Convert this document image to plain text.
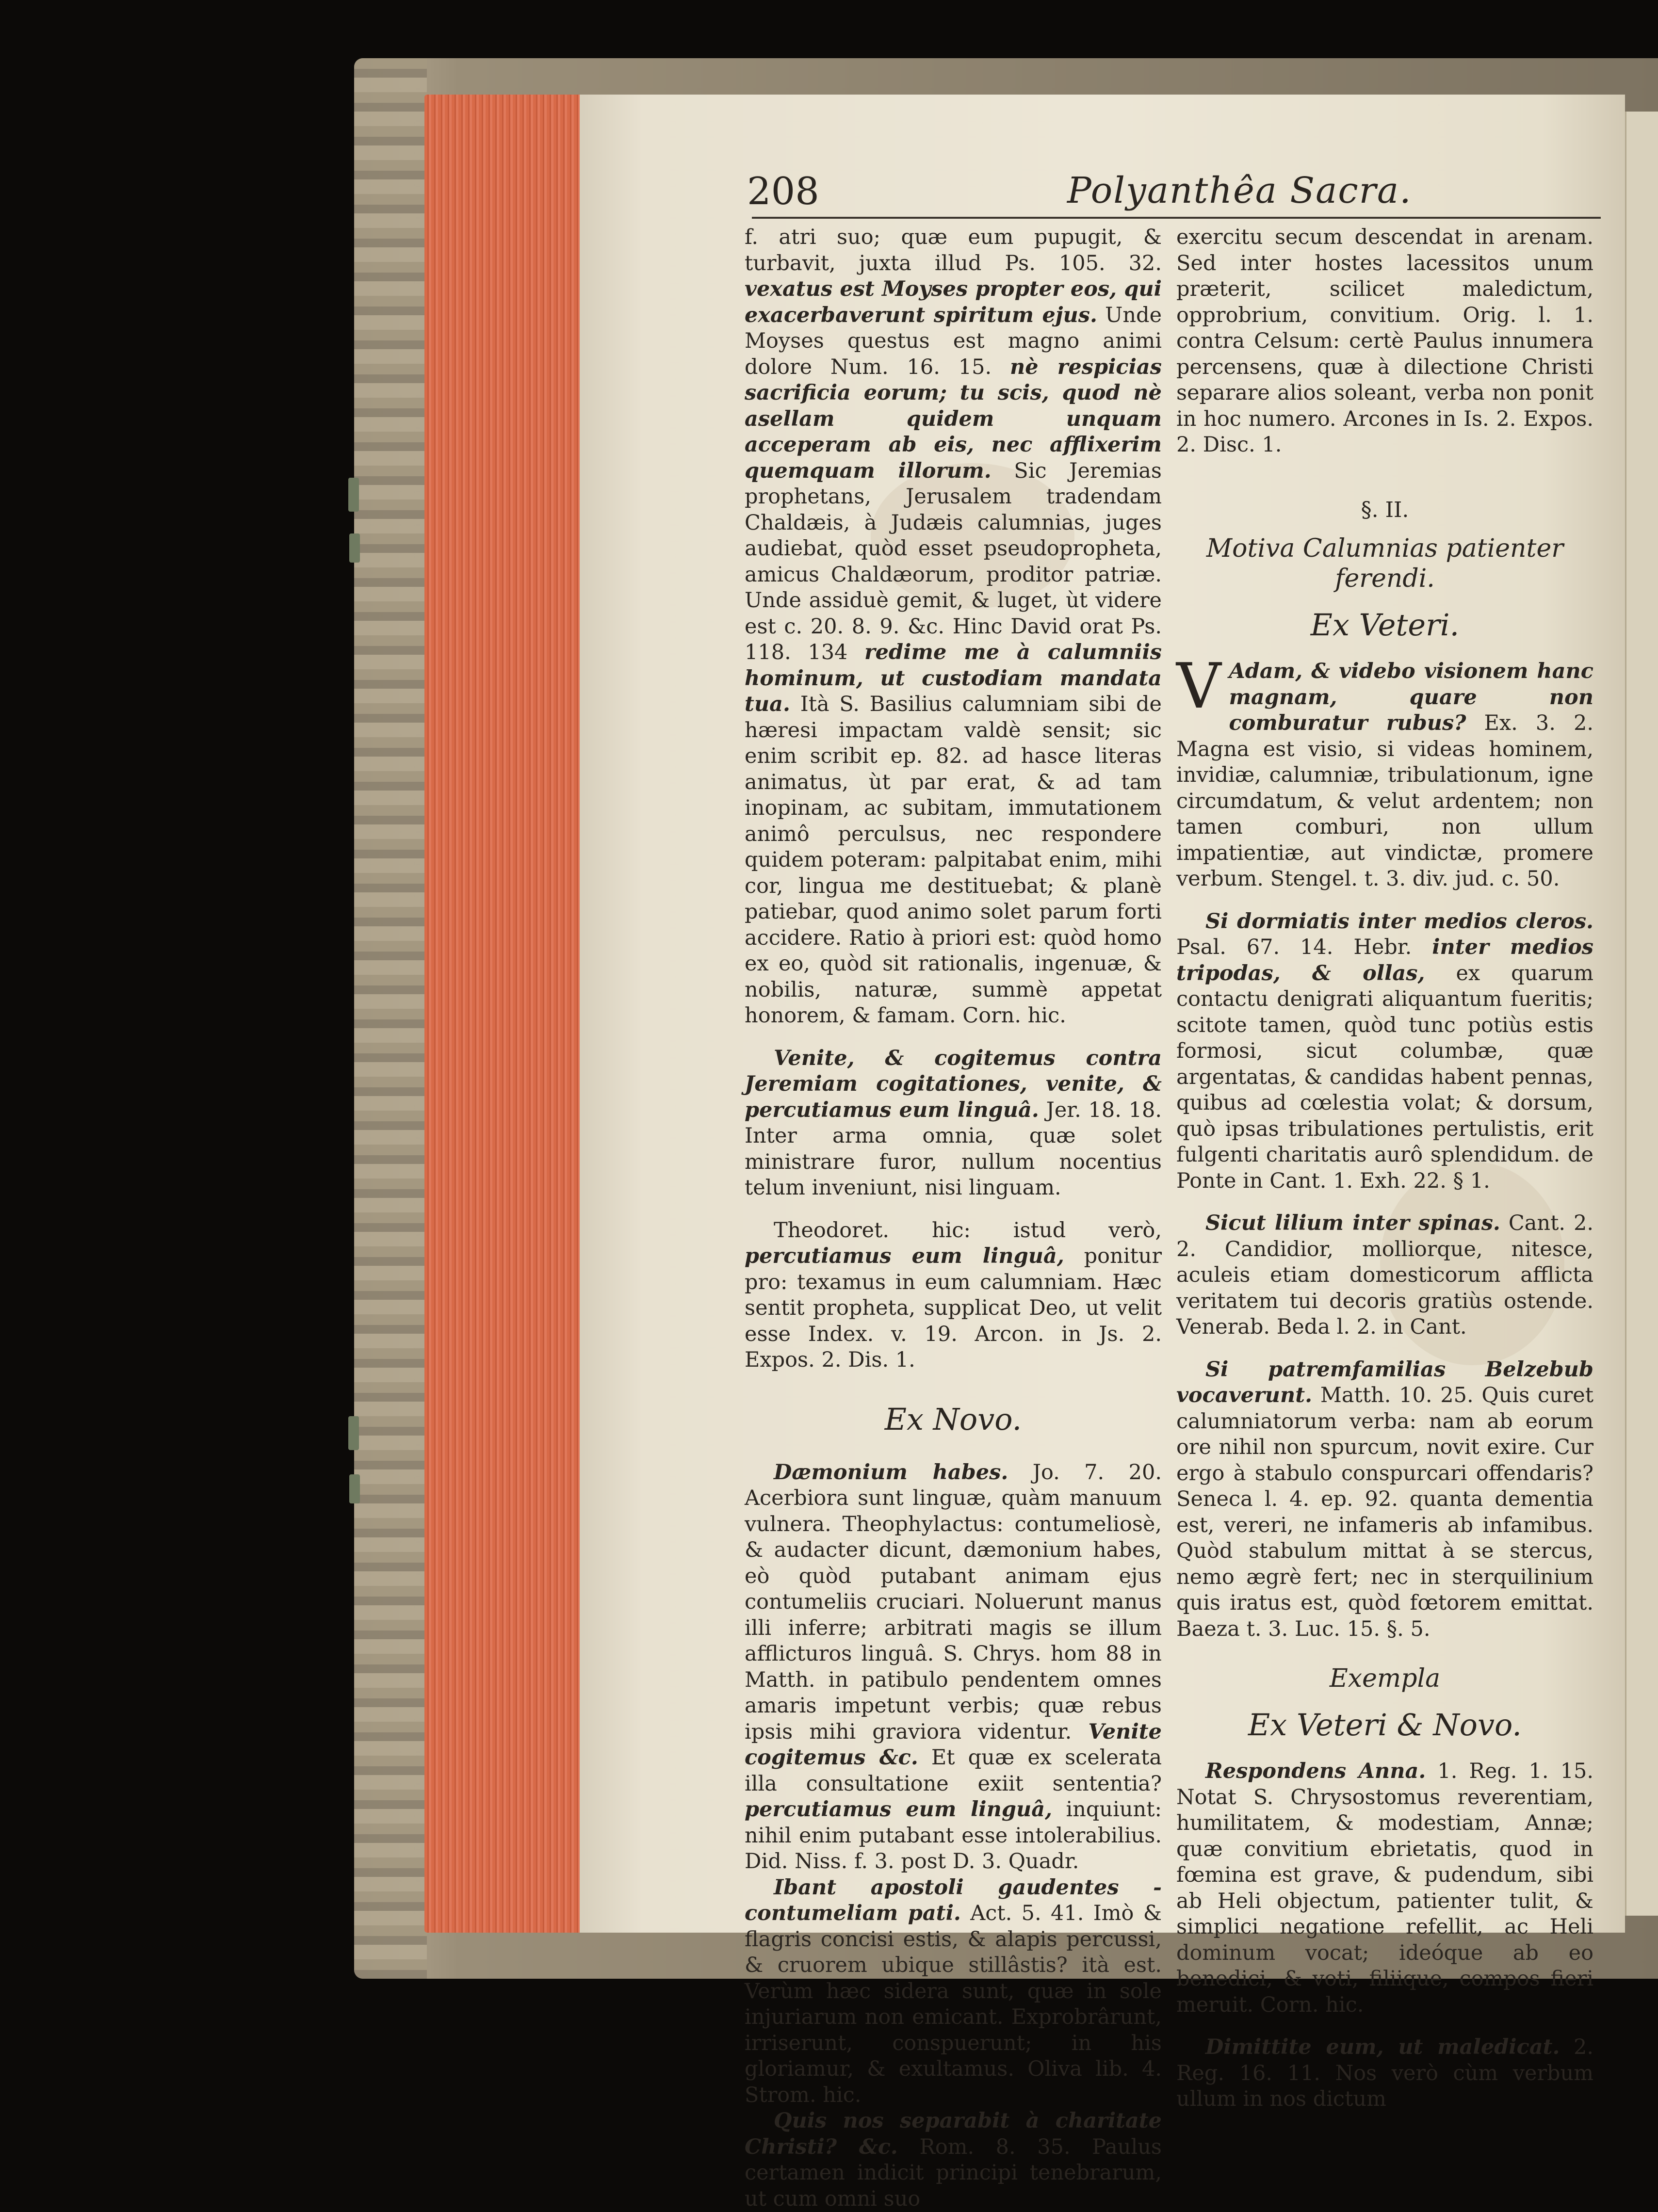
208	Polyanthêa Sacra.

f. atri suo; quæ eum pupugit, & turbavit, juxta illud Ps. 105. 32. vexatus est Moyses propter eos, qui exacerbaverunt spiritum ejus. Unde Moyses questus est magno animi dolore Num. 16. 15. nè respicias sacrificia eorum; tu scis, quod nè asellam quidem unquam acceperam ab eis, nec afflixerim quemquam illorum. Sic Jeremias prophetans, Jerusalem tradendam Chaldæis, à Judæis calumnias, juges audiebat, quòd esset pseudopropheta, amicus Chaldæorum, proditor patriæ. Unde assiduè gemit, & luget, ùt videre est c. 20. 8. 9. &c. Hinc David orat Ps. 118. 134 redime me à calumniis hominum, ut custodiam mandata tua. Ità S. Basilius calumniam sibi de hæresi impactam valdè sensit; sic enim scribit ep. 82. ad hasce literas animatus, ùt par erat, & ad tam inopinam, ac subitam, immutationem animô perculsus, nec respondere quidem poteram: palpitabat enim, mihi cor, lingua me destituebat; & planè patiebar, quod animo solet parum forti accidere. Ratio à priori est: quòd homo ex eo, quòd sit rationalis, ingenuæ, & nobilis, naturæ, summè appetat honorem, & famam. Corn. hic.

Venite, & cogitemus contra Jeremiam cogitationes, venite, & percutiamus eum linguâ. Jer. 18. 18. Inter arma omnia, quæ solet ministrare furor, nullum nocentius telum inveniunt, nisi linguam.

Theodoret. hic: istud verò, percutiamus eum linguâ, ponitur pro: texamus in eum calumniam. Hæc sentit propheta, supplicat Deo, ut velit esse Index. v. 19. Arcon. in Js. 2. Expos. 2. Dis. 1.

Ex Novo.

Dæmonium habes. Jo. 7. 20. Acerbiora sunt linguæ, quàm manuum vulnera. Theophylactus: contumeliosè, & audacter dicunt, dæmonium habes, eò quòd putabant animam ejus contumeliis cruciari. Noluerunt manus illi inferre; arbitrati magis se illum afflicturos linguâ. S. Chrys. hom 88 in Matth. in patibulo pendentem omnes amaris impetunt verbis; quæ rebus ipsis mihi graviora videntur. Venite cogitemus &c. Et quæ ex scelerata illa consultatione exiit sententia? percutiamus eum linguâ, inquiunt: nihil enim putabant esse intolerabilius. Did. Niss. f. 3. post D. 3. Quadr.

Ibant apostoli gaudentes - contumeliam pati. Act. 5. 41. Imò & flagris concisi estis, & alapis percussi, & cruorem ubique stillâstis? ità est. Verùm hæc sidera sunt, quæ in sole injuriarum non emicant. Exprobrârunt, irriserunt, conspuerunt; in his gloriamur, & exultamus. Oliva lib. 4. Strom. hic.

Quis nos separabit à charitate Christi? &c. Rom. 8. 35. Paulus certamen indicit principi tenebrarum, ut cum omni suo

exercitu secum descendat in arenam. Sed inter hostes lacessitos unum præterit, scilicet maledictum, opprobrium, convitium. Orig. l. 1. contra Celsum: certè Paulus innumera percensens, quæ à dilectione Christi separare alios soleant, verba non ponit in hoc numero. Arcones in Is. 2. Expos. 2. Disc. 1.

§. II.
Motiva Calumnias patienter ferendi.
Ex Veteri.

V Adam, & videbo visionem hanc magnam, quare non comburatur rubus? Ex. 3. 2. Magna est visio, si videas hominem, invidiæ, calumniæ, tribulationum, igne circumdatum, & velut ardentem; non tamen comburi, non ullum impatientiæ, aut vindictæ, promere verbum. Stengel. t. 3. div. jud. c. 50.

Si dormiatis inter medios cleros. Psal. 67. 14. Hebr. inter medios tripodas, & ollas, ex quarum contactu denigrati aliquantum fueritis; scitote tamen, quòd tunc potiùs estis formosi, sicut columbæ, quæ argentatas, & candidas habent pennas, quibus ad cœlestia volat; & dorsum, quò ipsas tribulationes pertulistis, erit fulgenti charitatis aurô splendidum. de Ponte in Cant. 1. Exh. 22. § 1.

Sicut lilium inter spinas. Cant. 2. 2. Candidior, molliorque, nitesce, aculeis etiam domesticorum afflicta veritatem tui decoris gratiùs ostende. Venerab. Beda l. 2. in Cant.

Si patremfamilias Belzebub vocaverunt. Matth. 10. 25. Quis curet calumniatorum verba: nam ab eorum ore nihil non spurcum, novit exire. Cur ergo à stabulo conspurcari offendaris? Seneca l. 4. ep. 92. quanta dementia est, vereri, ne infameris ab infamibus. Quòd stabulum mittat à se stercus, nemo ægrè fert; nec in sterquilinium quis iratus est, quòd fœtorem emittat. Baeza t. 3. Luc. 15. §. 5.

Exempla
Ex Veteri & Novo.

Respondens Anna. 1. Reg. 1. 15. Notat S. Chrysostomus reverentiam, humilitatem, & modestiam, Annæ; quæ convitium ebrietatis, quod in fœmina est grave, & pudendum, sibi ab Heli objectum, patienter tulit, & simplici negatione refellit, ac Heli dominum vocat; ideóque ab eo benedici, & voti, filiique, compos fieri meruit. Corn. hic.

Dimittite eum, ut maledicat. 2. Reg. 16. 11. Nos verò cùm verbum ullum in nos dictum
